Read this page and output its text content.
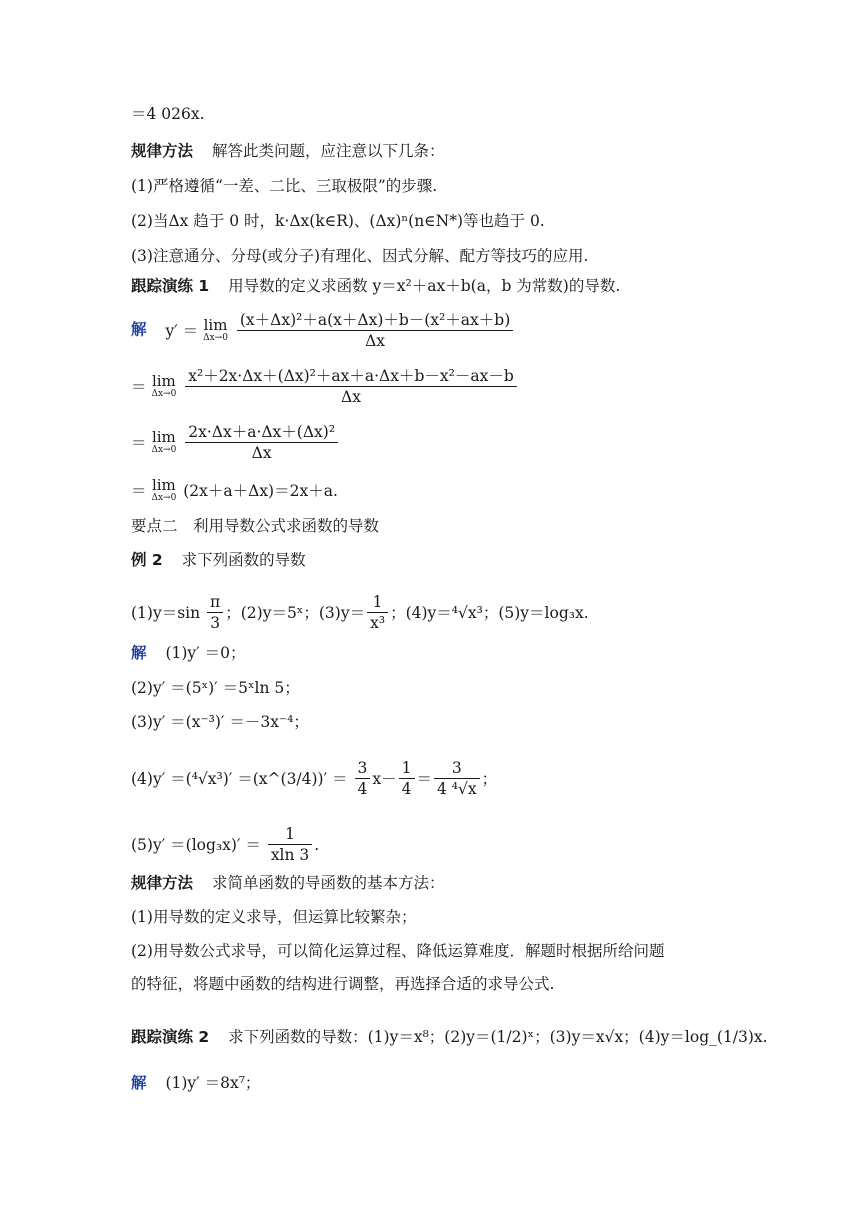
＝4 026x.
规律方法 解答此类问题，应注意以下几条：
(1)严格遵循“一差、二比、三取极限”的步骤.
(2)当Δx 趋于 0 时，k·Δx(k∈R)、(Δx)ⁿ(n∈N*)等也趋于 0.
(3)注意通分、分母(或分子)有理化、因式分解、配方等技巧的应用.
跟踪演练 1 用导数的定义求函数 y＝x²＋ax＋b(a，b 为常数)的导数.
解 y′ ＝ lim
Δx→0
$\frac{\text{(x＋Δx)²＋a(x＋Δx)＋b－(x²＋ax＋b)}}{\Delta x}$
＝ lim
Δx→0
$\frac{\text{x²＋2x·Δx＋(Δx)²＋ax＋a·Δx＋b－x²－ax－b}}{\Delta x}$
＝ lim
Δx→0
$\frac{\text{2x·Δx＋a·Δx＋(Δx)²}}{\Delta x}$
＝ lim
Δx→0 (2x＋a＋Δx)＝2x＋a.
要点二　利用导数公式求函数的导数
例 2 求下列函数的导数
$(1)y=\sin \frac{\pi}{3}$ ；(2)y＝5ˣ；$(3)y= \frac{1}{\text{x³}}$ ；(4)y＝⁴√x³；(5)y＝log₃x.
解 (1)y′ ＝0；
(2)y′ ＝(5ˣ)′ ＝5ˣln 5；
(3)y′ ＝(x⁻³)′ ＝－3x⁻⁴；
(4)y′ ＝(⁴√x³)′ ＝(x^(3/4))′ ＝ $\frac{3}{4} x- \frac{1}{4} = \frac{3}{\text{4 ⁴√x}}$ ；
$(5)y' =(\log_3x)' = \frac{1}{xln 3}$ .
规律方法 求简单函数的导函数的基本方法：
(1)用导数的定义求导，但运算比较繁杂；
(2)用导数公式求导，可以简化运算过程、降低运算难度．解题时根据所给问题
的特征，将题中函数的结构进行调整，再选择合适的求导公式.
跟踪演练 2 求下列函数的导数：(1)y＝x⁸；(2)y＝(1/2)ˣ；(3)y＝x√x；(4)y＝log_(1/3)x.
解 (1)y′ ＝8x⁷；
